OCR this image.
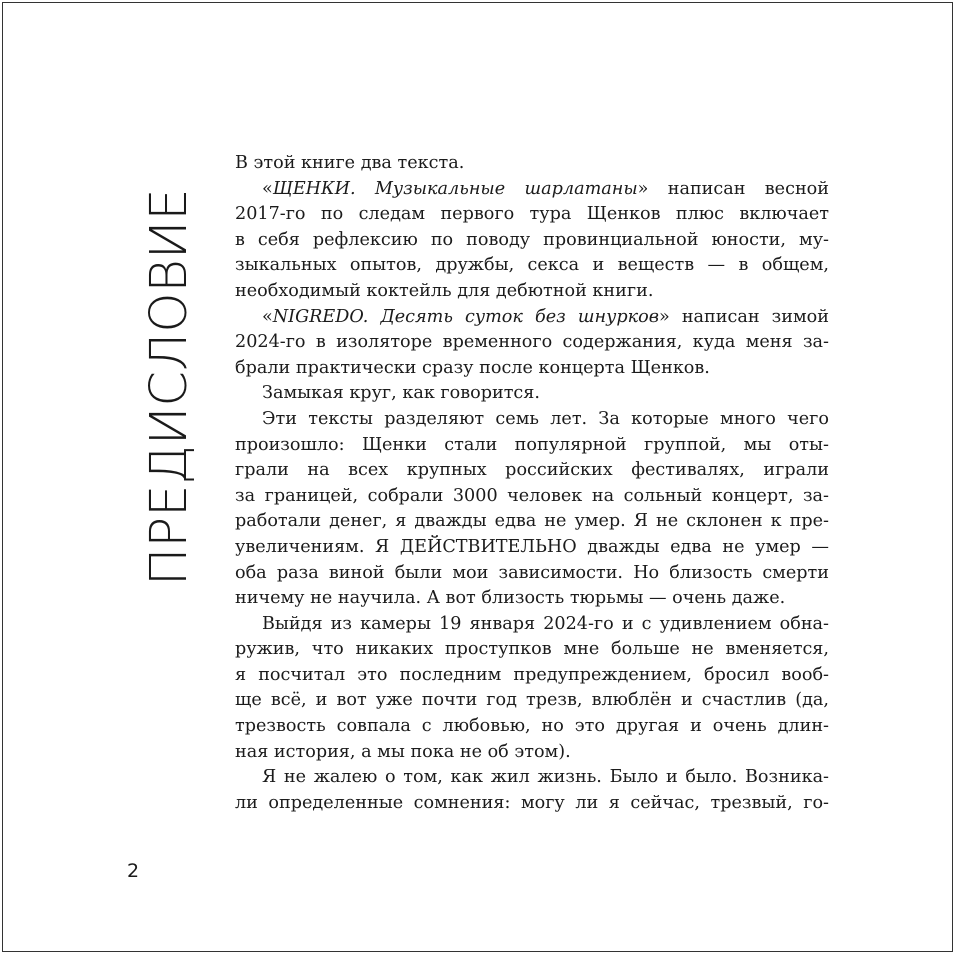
ПРЕДИСЛОВИЕ
В этой книге два текста.
«ЩЕНКИ. Музыкальные шарлатаны» написан весной
2017-го по следам первого тура Щенков плюс включает
в себя рефлексию по поводу провинциальной юности, му-
зыкальных опытов, дружбы, секса и веществ — в общем,
необходимый коктейль для дебютной книги.
«NIGREDO. Десять суток без шнурков» написан зимой
2024-го в изоляторе временного содержания, куда меня за-
брали практически сразу после концерта Щенков.
Замыкая круг, как говорится.
Эти тексты разделяют семь лет. За которые много чего
произошло: Щенки стали популярной группой, мы оты-
грали на всех крупных российских фестивалях, играли
за границей, собрали 3000 человек на сольный концерт, за-
работали денег, я дважды едва не умер. Я не склонен к пре-
увеличениям. Я ДЕЙСТВИТЕЛЬНО дважды едва не умер —
оба раза виной были мои зависимости. Но близость смерти
ничему не научила. А вот близость тюрьмы — очень даже.
Выйдя из камеры 19 января 2024-го и с удивлением обна-
ружив, что никаких проступков мне больше не вменяется,
я посчитал это последним предупреждением, бросил вооб-
ще всё, и вот уже почти год трезв, влюблён и счастлив (да,
трезвость совпала с любовью, но это другая и очень длин-
ная история, а мы пока не об этом).
Я не жалею о том, как жил жизнь. Было и было. Возника-
ли определенные сомнения: могу ли я сейчас, трезвый, го-
2
